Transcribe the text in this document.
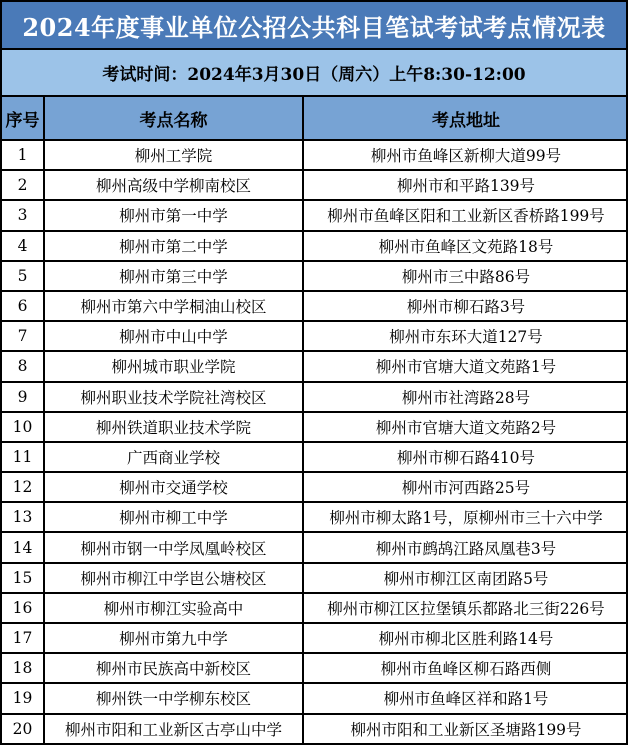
2024年度事业单位公招公共科目笔试考试考点情况表
考试时间：2024年3月30日（周六）上午8:30-12:00
序号	考点名称	考点地址
1	柳州工学院	柳州市鱼峰区新柳大道99号
2	柳州高级中学柳南校区	柳州市和平路139号
3	柳州市第一中学	柳州市鱼峰区阳和工业新区香桥路199号
4	柳州市第二中学	柳州市鱼峰区文苑路18号
5	柳州市第三中学	柳州市三中路86号
6	柳州市第六中学桐油山校区	柳州市柳石路3号
7	柳州市中山中学	柳州市东环大道127号
8	柳州城市职业学院	柳州市官塘大道文苑路1号
9	柳州职业技术学院社湾校区	柳州市社湾路28号
10	柳州铁道职业技术学院	柳州市官塘大道文苑路2号
11	广西商业学校	柳州市柳石路410号
12	柳州市交通学校	柳州市河西路25号
13	柳州市柳工中学	柳州市柳太路1号，原柳州市三十六中学
14	柳州市钢一中学凤凰岭校区	柳州市鹧鸪江路凤凰巷3号
15	柳州市柳江中学岜公塘校区	柳州市柳江区南团路5号
16	柳州市柳江实验高中	柳州市柳江区拉堡镇乐都路北三街226号
17	柳州市第九中学	柳州市柳北区胜利路14号
18	柳州市民族高中新校区	柳州市鱼峰区柳石路西侧
19	柳州铁一中学柳东校区	柳州市鱼峰区祥和路1号
20	柳州市阳和工业新区古亭山中学	柳州市阳和工业新区圣塘路199号
